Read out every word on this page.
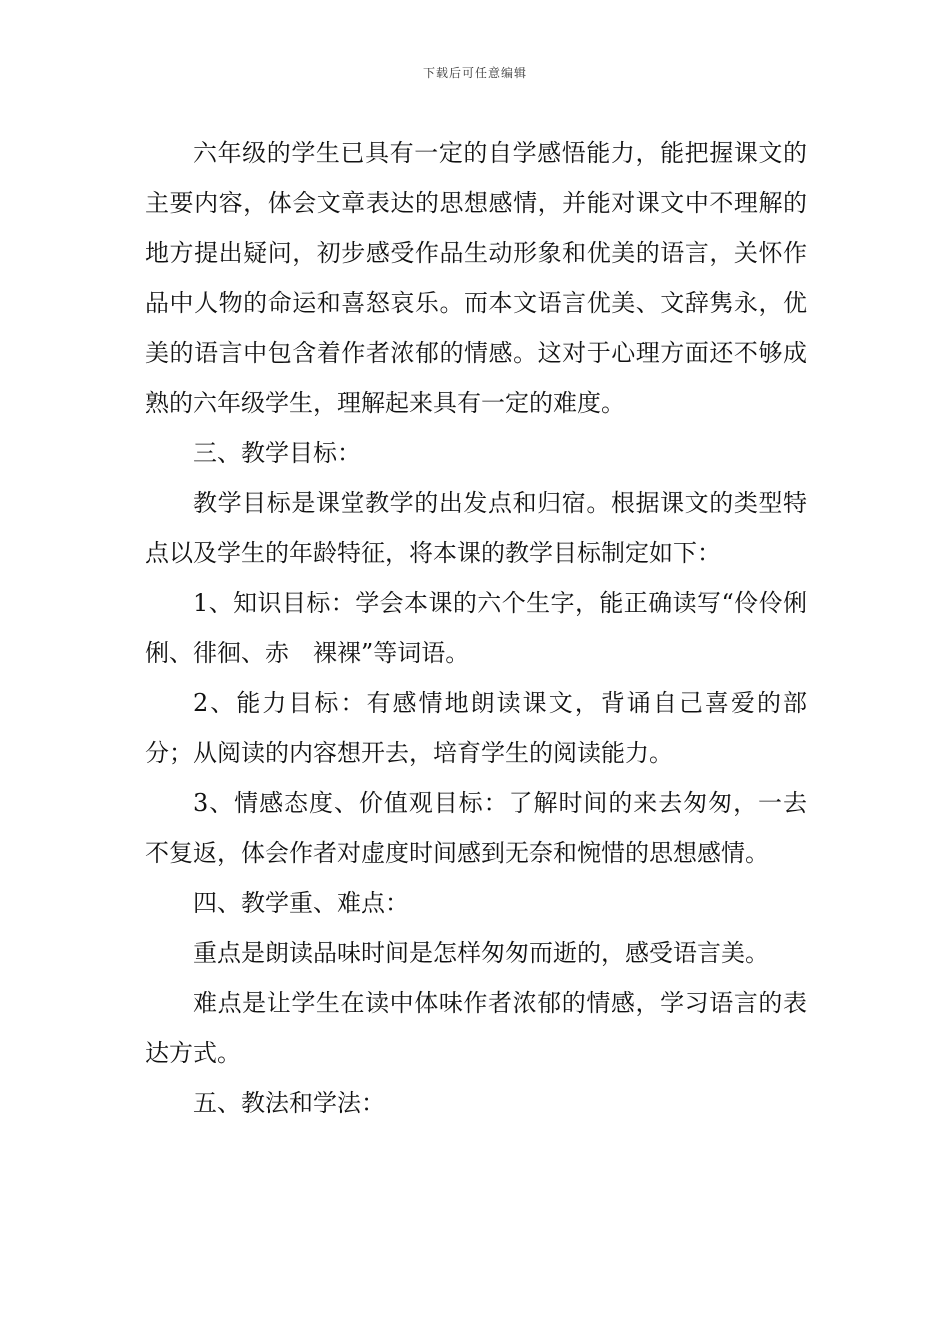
下载后可任意编辑

六年级的学生已具有一定的自学感悟能力，能把握课文的主要内容，体会文章表达的思想感情，并能对课文中不理解的地方提出疑问，初步感受作品生动形象和优美的语言，关怀作品中人物的命运和喜怒哀乐。而本文语言优美、文辞隽永，优美的语言中包含着作者浓郁的情感。这对于心理方面还不够成熟的六年级学生，理解起来具有一定的难度。

三、教学目标：

教学目标是课堂教学的出发点和归宿。根据课文的类型特点以及学生的年龄特征，将本课的教学目标制定如下：

1、知识目标：学会本课的六个生字，能正确读写“伶伶俐俐、徘徊、赤　裸裸”等词语。

2、能力目标：有感情地朗读课文，背诵自己喜爱的部分；从阅读的内容想开去，培育学生的阅读能力。

3、情感态度、价值观目标：了解时间的来去匆匆，一去不复返，体会作者对虚度时间感到无奈和惋惜的思想感情。

四、教学重、难点：

重点是朗读品味时间是怎样匆匆而逝的，感受语言美。

难点是让学生在读中体味作者浓郁的情感，学习语言的表达方式。

五、教法和学法：
